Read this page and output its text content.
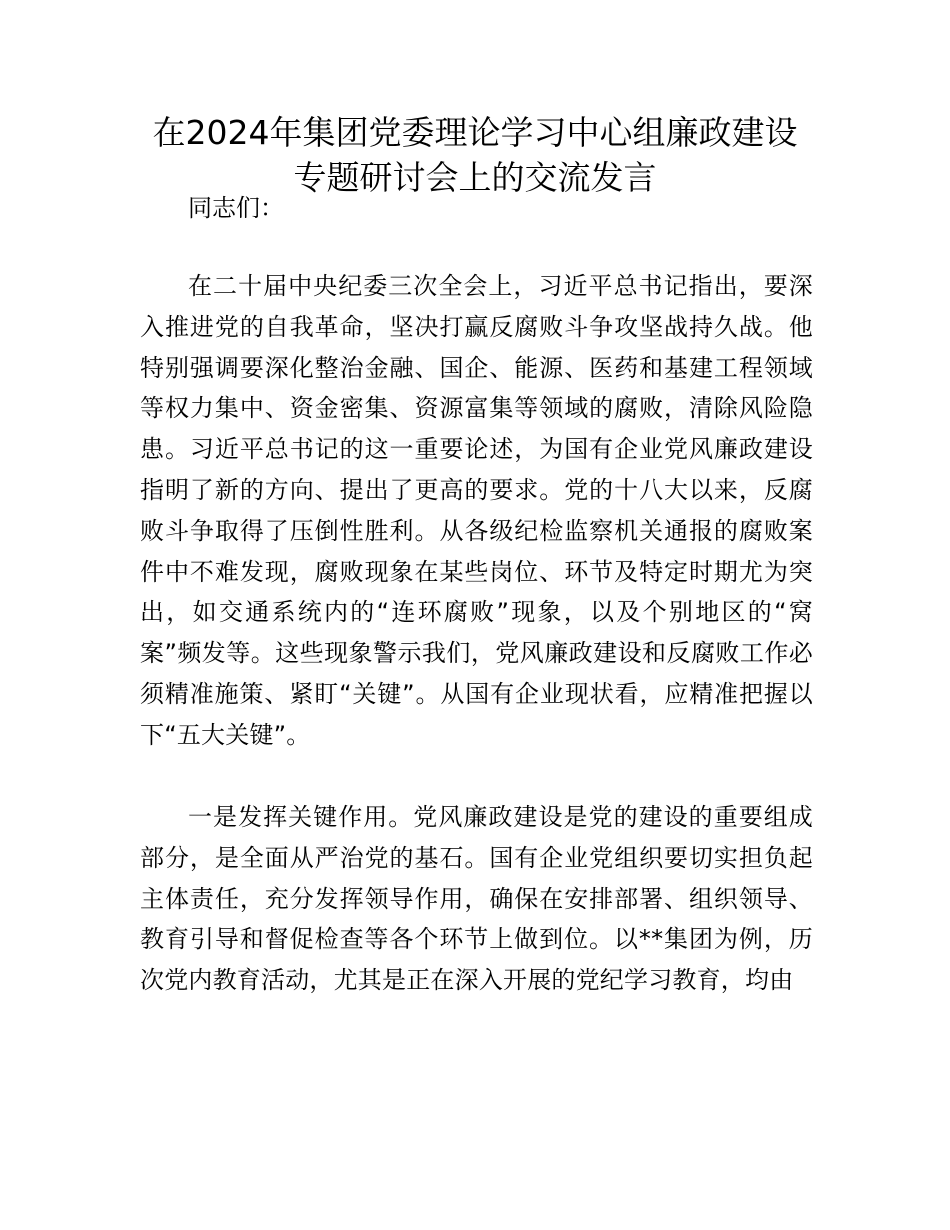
在2024年集团党委理论学习中心组廉政建设
专题研讨会上的交流发言
同志们：

在二十届中央纪委三次全会上，习近平总书记指出，要深入推进党的自我革命，坚决打赢反腐败斗争攻坚战持久战。他特别强调要深化整治金融、国企、能源、医药和基建工程领域等权力集中、资金密集、资源富集等领域的腐败，清除风险隐患。习近平总书记的这一重要论述，为国有企业党风廉政建设指明了新的方向、提出了更高的要求。党的十八大以来，反腐败斗争取得了压倒性胜利。从各级纪检监察机关通报的腐败案件中不难发现，腐败现象在某些岗位、环节及特定时期尤为突出，如交通系统内的“连环腐败”现象，以及个别地区的“窝案”频发等。这些现象警示我们，党风廉政建设和反腐败工作必须精准施策、紧盯“关键”。从国有企业现状看，应精准把握以下“五大关键”。

一是发挥关键作用。党风廉政建设是党的建设的重要组成部分，是全面从严治党的基石。国有企业党组织要切实担负起主体责任，充分发挥领导作用，确保在安排部署、组织领导、教育引导和督促检查等各个环节上做到位。以**集团为例，历次党内教育活动，尤其是正在深入开展的党纪学习教育，均由
